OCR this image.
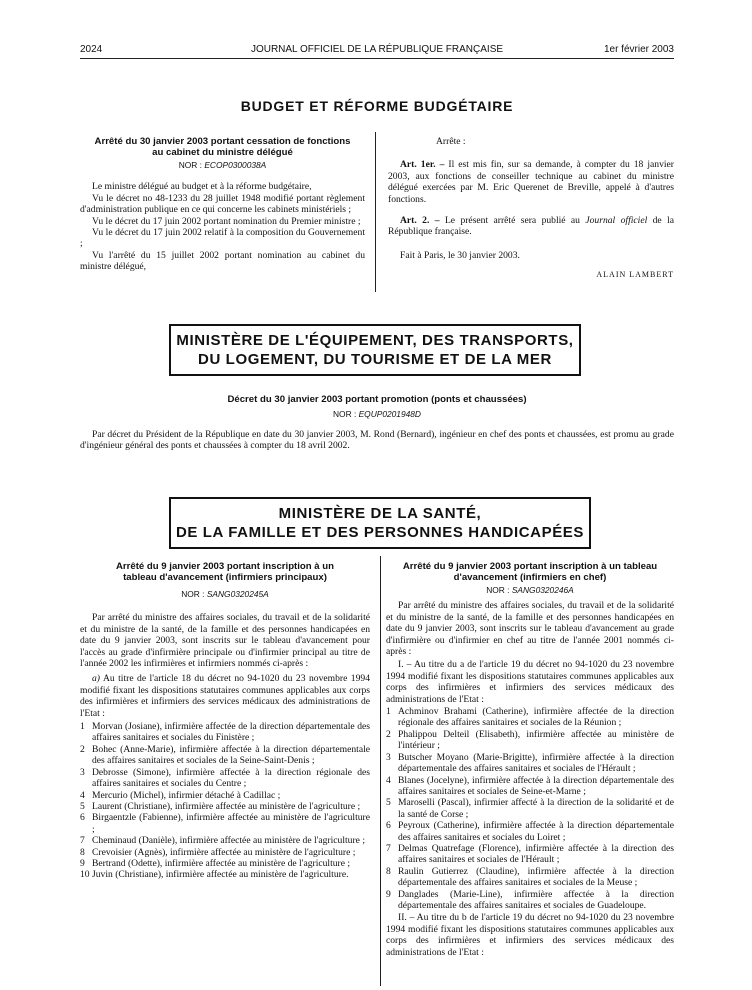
2024	JOURNAL OFFICIEL DE LA RÉPUBLIQUE FRANÇAISE	1er février 2003
BUDGET ET RÉFORME BUDGÉTAIRE
Arrêté du 30 janvier 2003 portant cessation de fonctions au cabinet du ministre délégué
NOR : ECOP0300038A

Le ministre délégué au budget et à la réforme budgétaire,

Vu le décret no 48-1233 du 28 juillet 1948 modifié portant règlement d'administration publique en ce qui concerne les cabinets ministériels ;

Vu le décret du 17 juin 2002 portant nomination du Premier ministre ;

Vu le décret du 17 juin 2002 relatif à la composition du Gouvernement ;

Vu l'arrêté du 15 juillet 2002 portant nomination au cabinet du ministre délégué,

Arrête :

Art. 1er. – Il est mis fin, sur sa demande, à compter du 18 janvier 2003, aux fonctions de conseiller technique au cabinet du ministre délégué exercées par M. Eric Querenet de Breville, appelé à d'autres fonctions.

Art. 2. – Le présent arrêté sera publié au Journal officiel de la République française.

Fait à Paris, le 30 janvier 2003.

ALAIN LAMBERT

MINISTÈRE DE L'ÉQUIPEMENT, DES TRANSPORTS,
DU LOGEMENT, DU TOURISME ET DE LA MER
Décret du 30 janvier 2003 portant promotion (ponts et chaussées)
NOR : EQUP0201948D

Par décret du Président de la République en date du 30 janvier 2003, M. Rond (Bernard), ingénieur en chef des ponts et chaussées, est promu au grade d'ingénieur général des ponts et chaussées à compter du 18 avril 2002.

MINISTÈRE DE LA SANTÉ,
DE LA FAMILLE ET DES PERSONNES HANDICAPÉES
Arrêté du 9 janvier 2003 portant inscription à un tableau d'avancement (infirmiers principaux)
NOR : SANG0320245A

Par arrêté du ministre des affaires sociales, du travail et de la solidarité et du ministre de la santé, de la famille et des personnes handicapées en date du 9 janvier 2003, sont inscrits sur le tableau d'avancement pour l'accès au grade d'infirmière principale ou d'infirmier principal au titre de l'année 2002 les infirmières et infirmiers nommés ci-après :

a) Au titre de l'article 18 du décret no 94-1020 du 23 novembre 1994 modifié fixant les dispositions statutaires communes applicables aux corps des infirmières et infirmiers des services médicaux des administrations de l'Etat :

1 Morvan (Josiane), infirmière affectée de la direction départementale des affaires sanitaires et sociales du Finistère ;
2 Bohec (Anne-Marie), infirmière affectée à la direction départementale des affaires sanitaires et sociales de la Seine-Saint-Denis ;
3 Debrosse (Simone), infirmière affectée à la direction régionale des affaires sanitaires et sociales du Centre ;
4 Mercurio (Michel), infirmier détaché à Cadillac ;
5 Laurent (Christiane), infirmière affectée au ministère de l'agriculture ;
6 Birgaentzle (Fabienne), infirmière affectée au ministère de l'agriculture ;
7 Cheminaud (Danièle), infirmière affectée au ministère de l'agriculture ;
8 Crevoisier (Agnès), infirmière affectée au ministère de l'agriculture ;
9 Bertrand (Odette), infirmière affectée au ministère de l'agriculture ;
10 Juvin (Christiane), infirmière affectée au ministère de l'agriculture.
Arrêté du 9 janvier 2003 portant inscription à un tableau d'avancement (infirmiers en chef)
NOR : SANG0320246A

Par arrêté du ministre des affaires sociales, du travail et de la solidarité et du ministre de la santé, de la famille et des personnes handicapées en date du 9 janvier 2003, sont inscrits sur le tableau d'avancement au grade d'infirmière ou d'infirmier en chef au titre de l'année 2001 nommés ci-après :

I. – Au titre du a de l'article 19 du décret no 94-1020 du 23 novembre 1994 modifié fixant les dispositions statutaires communes applicables aux corps des infirmières et infirmiers des services médicaux des administrations de l'Etat :

1 Achminov Brahami (Catherine), infirmière affectée de la direction régionale des affaires sanitaires et sociales de la Réunion ;
2 Phalippou Delteil (Elisabeth), infirmière affectée au ministère de l'intérieur ;
3 Butscher Moyano (Marie-Brigitte), infirmière affectée à la direction départementale des affaires sanitaires et sociales de l'Hérault ;
4 Blanes (Jocelyne), infirmière affectée à la direction départementale des affaires sanitaires et sociales de Seine-et-Marne ;
5 Maroselli (Pascal), infirmier affecté à la direction de la solidarité et de la santé de Corse ;
6 Peyroux (Catherine), infirmière affectée à la direction départementale des affaires sanitaires et sociales du Loiret ;
7 Delmas Quatrefage (Florence), infirmière affectée à la direction des affaires sanitaires et sociales de l'Hérault ;
8 Raulin Gutierrez (Claudine), infirmière affectée à la direction départementale des affaires sanitaires et sociales de la Meuse ;
9 Danglades (Marie-Line), infirmière affectée à la direction départementale des affaires sanitaires et sociales de Guadeloupe.

II. – Au titre du b de l'article 19 du décret no 94-1020 du 23 novembre 1994 modifié fixant les dispositions statutaires communes applicables aux corps des infirmières et infirmiers des services médicaux des administrations de l'Etat :
